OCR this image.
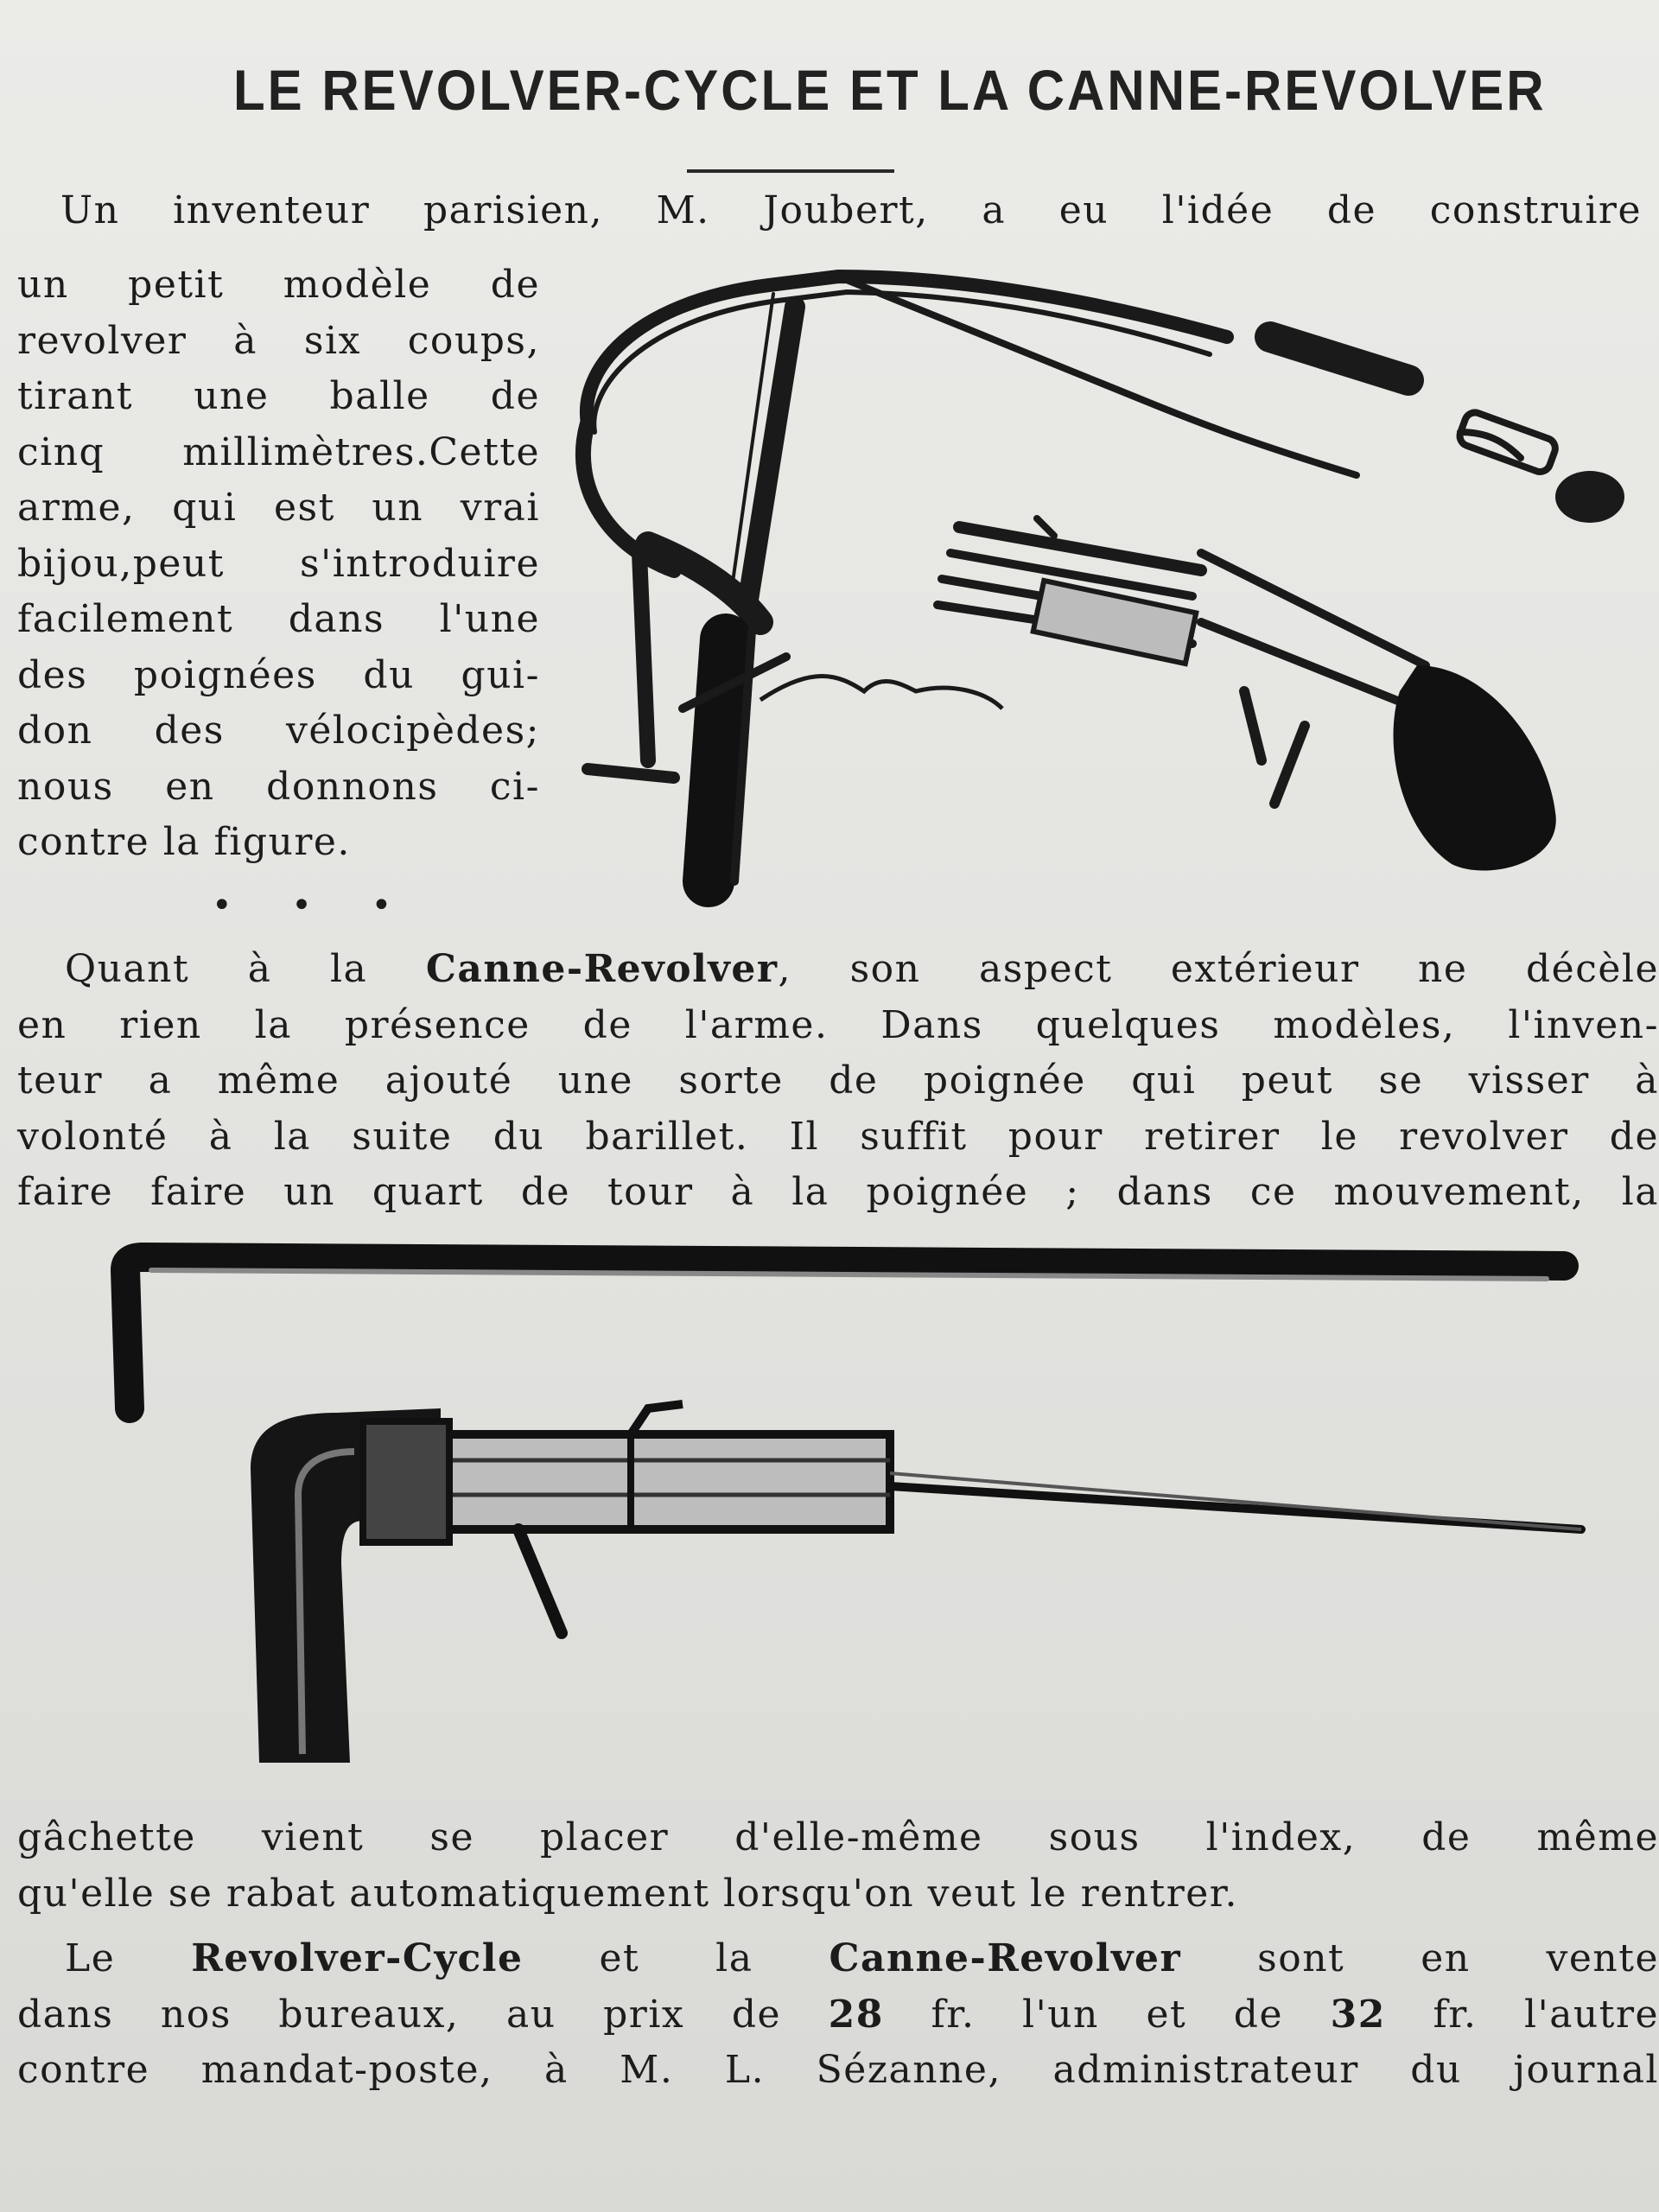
LE REVOLVER-CYCLE ET LA CANNE-REVOLVER

Un inventeur parisien, M. Joubert, a eu l'idée de construire

un petit modèle de
revolver à six coups,
tirant une balle de
cinq millimètres.Cette
arme, qui est un vrai
bijou,peut s'introduire
facilement dans l'une
des poignées du gui-
don des vélocipèdes;
nous en donnons ci-
contre la figure.

• • •

Quant à la Canne-Revolver, son aspect extérieur ne décèle
en rien la présence de l'arme. Dans quelques modèles, l'inven-
teur a même ajouté une sorte de poignée qui peut se visser à
volonté à la suite du barillet. Il suffit pour retirer le revolver de
faire faire un quart de tour à la poignée ; dans ce mouvement, la

gâchette vient se placer d'elle-même sous l'index, de même
qu'elle se rabat automatiquement lorsqu'on veut le rentrer.

Le Revolver-Cycle et la Canne-Revolver sont en vente
dans nos bureaux, au prix de 28 fr. l'un et de 32 fr. l'autre
contre mandat-poste, à M. L. Sézanne, administrateur du journal
